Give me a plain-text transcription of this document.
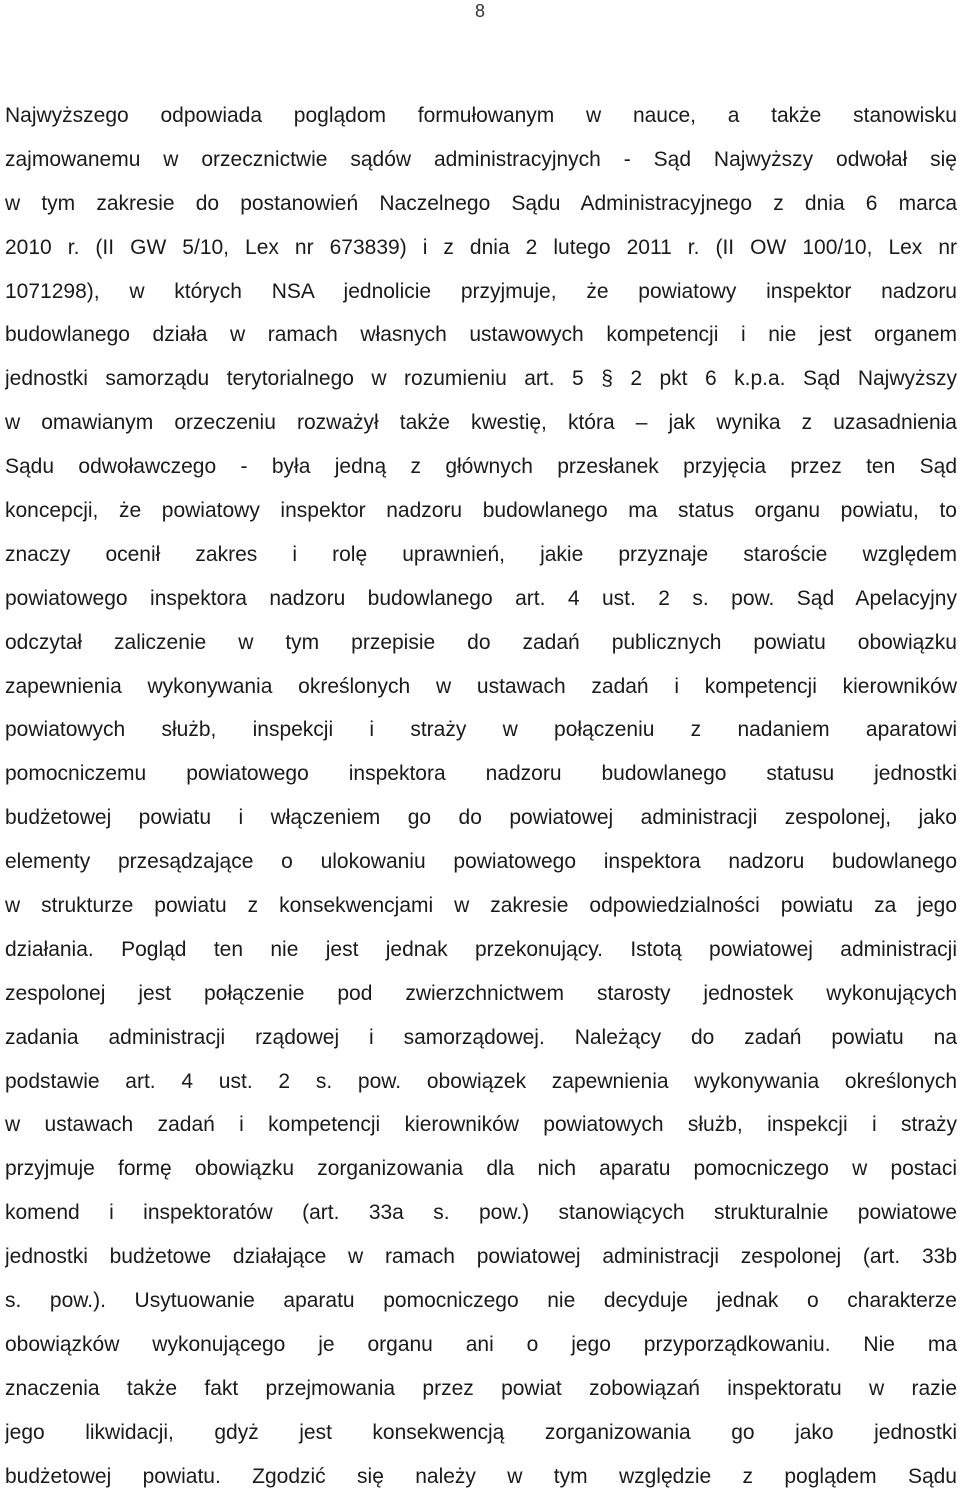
8
Najwyższego odpowiada poglądom formułowanym w nauce, a także stanowisku
zajmowanemu w orzecznictwie sądów administracyjnych - Sąd Najwyższy odwołał się
w tym zakresie do postanowień Naczelnego Sądu Administracyjnego z dnia 6 marca
2010 r. (II GW 5/10, Lex nr 673839) i z dnia 2 lutego 2011 r. (II OW 100/10, Lex nr
1071298), w których NSA jednolicie przyjmuje, że powiatowy inspektor nadzoru
budowlanego działa w ramach własnych ustawowych kompetencji i nie jest organem
jednostki samorządu terytorialnego w rozumieniu art. 5 § 2 pkt 6 k.p.a. Sąd Najwyższy
w omawianym orzeczeniu rozważył także kwestię, która – jak wynika z uzasadnienia
Sądu odwoławczego - była jedną z głównych przesłanek przyjęcia przez ten Sąd
koncepcji, że powiatowy inspektor nadzoru budowlanego ma status organu powiatu, to
znaczy ocenił zakres i rolę uprawnień, jakie przyznaje staroście względem
powiatowego inspektora nadzoru budowlanego art. 4 ust. 2 s. pow. Sąd Apelacyjny
odczytał zaliczenie w tym przepisie do zadań publicznych powiatu obowiązku
zapewnienia wykonywania określonych w ustawach zadań i kompetencji kierowników
powiatowych służb, inspekcji i straży w połączeniu z nadaniem aparatowi
pomocniczemu powiatowego inspektora nadzoru budowlanego statusu jednostki
budżetowej powiatu i włączeniem go do powiatowej administracji zespolonej, jako
elementy przesądzające o ulokowaniu powiatowego inspektora nadzoru budowlanego
w strukturze powiatu z konsekwencjami w zakresie odpowiedzialności powiatu za jego
działania. Pogląd ten nie jest jednak przekonujący. Istotą powiatowej administracji
zespolonej jest połączenie pod zwierzchnictwem starosty jednostek wykonujących
zadania administracji rządowej i samorządowej. Należący do zadań powiatu na
podstawie art. 4 ust. 2 s. pow. obowiązek zapewnienia wykonywania określonych
w ustawach zadań i kompetencji kierowników powiatowych służb, inspekcji i straży
przyjmuje formę obowiązku zorganizowania dla nich aparatu pomocniczego w postaci
komend i inspektoratów (art. 33a s. pow.) stanowiących strukturalnie powiatowe
jednostki budżetowe działające w ramach powiatowej administracji zespolonej (art. 33b
s. pow.). Usytuowanie aparatu pomocniczego nie decyduje jednak o charakterze
obowiązków wykonującego je organu ani o jego przyporządkowaniu. Nie ma
znaczenia także fakt przejmowania przez powiat zobowiązań inspektoratu w razie
jego likwidacji, gdyż jest konsekwencją zorganizowania go jako jednostki
budżetowej powiatu. Zgodzić się należy w tym względzie z poglądem Sądu
